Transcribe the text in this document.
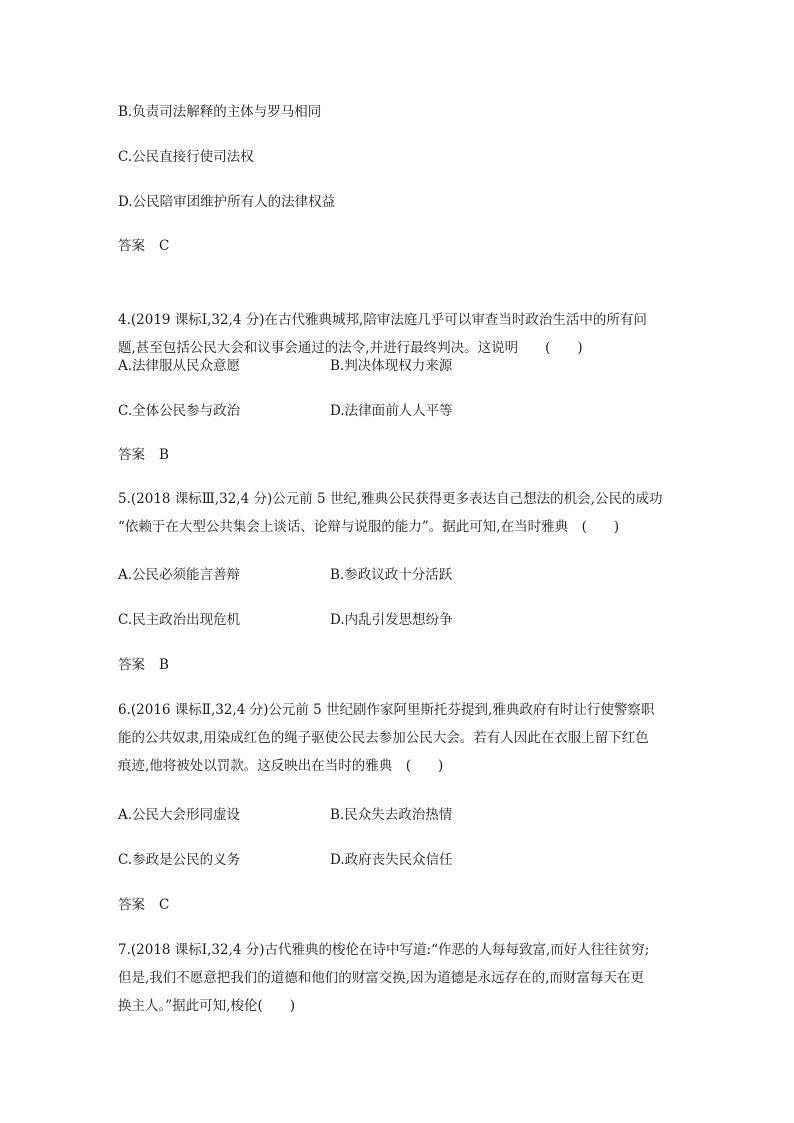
B.负责司法解释的主体与罗马相同
C.公民直接行使司法权
D.公民陪审团维护所有人的法律权益
答案 C
4.(2019 课标Ⅰ,32,4 分)在古代雅典城邦,陪审法庭几乎可以审查当时政治生活中的所有问
题,甚至包括公民大会和议事会通过的法令,并进行最终判决。这说明　　(　　)
A.法律服从民众意愿	B.判决体现权力来源
C.全体公民参与政治	D.法律面前人人平等
答案 B
5.(2018 课标Ⅲ,32,4 分)公元前 5 世纪,雅典公民获得更多表达自己想法的机会,公民的成功
“依赖于在大型公共集会上谈话、论辩与说服的能力”。据此可知,在当时雅典　(　　)
A.公民必须能言善辩	B.参政议政十分活跃
C.民主政治出现危机	D.内乱引发思想纷争
答案 B
6.(2016 课标Ⅱ,32,4 分)公元前 5 世纪剧作家阿里斯托芬提到,雅典政府有时让行使警察职
能的公共奴隶,用染成红色的绳子驱使公民去参加公民大会。若有人因此在衣服上留下红色
痕迹,他将被处以罚款。这反映出在当时的雅典　(　　)
A.公民大会形同虚设	B.民众失去政治热情
C.参政是公民的义务	D.政府丧失民众信任
答案 C
7.(2018 课标Ⅰ,32,4 分)古代雅典的梭伦在诗中写道:“作恶的人每每致富,而好人往往贫穷;
但是,我们不愿意把我们的道德和他们的财富交换,因为道德是永远存在的,而财富每天在更
换主人。”据此可知,梭伦(　　)
